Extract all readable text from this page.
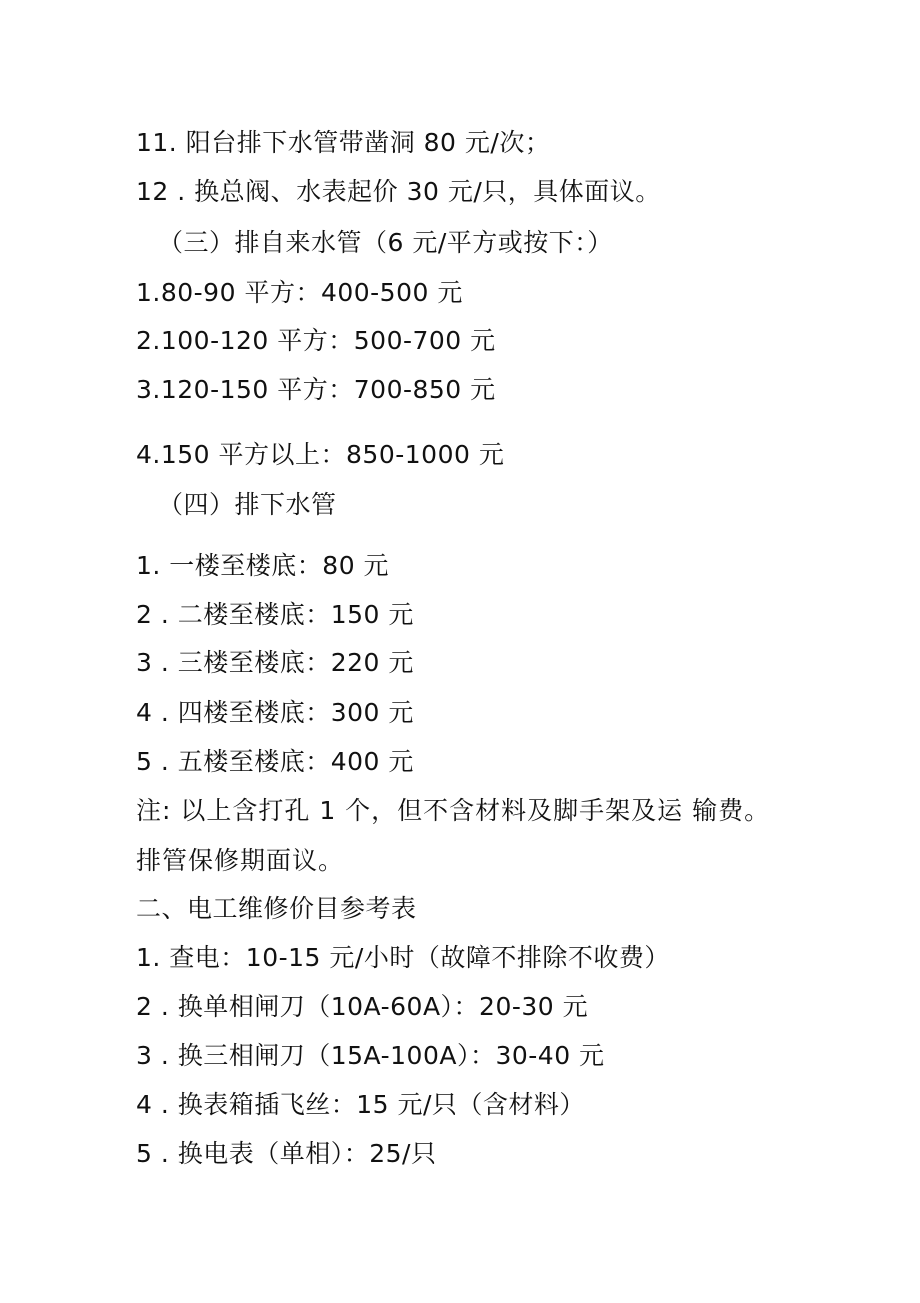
11. 阳台排下水管带凿洞 80 元/次；
12 . 换总阀、水表起价 30 元/只，具体面议。
（三）排自来水管（6 元/平方或按下：）
1.80-90 平方：400-500 元
2.100-120 平方：500-700 元
3.120-150 平方：700-850 元
4.150 平方以上：850-1000 元
（四）排下水管
1. 一楼至楼底：80 元
2 . 二楼至楼底：150 元
3 . 三楼至楼底：220 元
4 . 四楼至楼底：300 元
5 . 五楼至楼底：400 元
注: 以上含打孔 1 个，但不含材料及脚手架及运 输费。排管保修期面议。
二、电工维修价目参考表
1. 查电：10-15 元/小时（故障不排除不收费）
2 . 换单相闸刀（10A-60A）：20-30 元
3 . 换三相闸刀（15A-100A）：30-40 元
4 . 换表箱插飞丝：15 元/只（含材料）
5 . 换电表（单相）：25/只
